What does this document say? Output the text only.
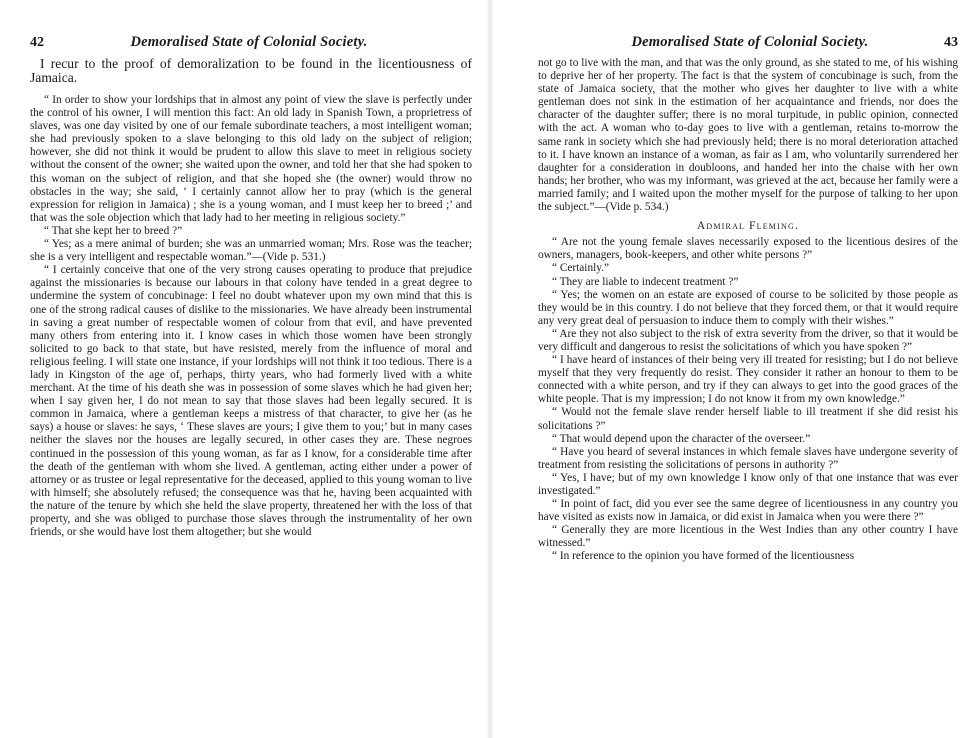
42	Demoralised State of Colonial Society.

I recur to the proof of demoralization to be found in the licentiousness of Jamaica.

“ In order to show your lordships that in almost any point of view the slave is perfectly under the control of his owner, I will mention this fact: An old lady in Spanish Town, a proprietress of slaves, was one day visited by one of our female subordinate teachers, a most intelligent woman; she had previously spoken to a slave belonging to this old lady on the subject of religion; however, she did not think it would be prudent to allow this slave to meet in religious society without the consent of the owner; she waited upon the owner, and told her that she had spoken to this woman on the subject of religion, and that she hoped she (the owner) would throw no obstacles in the way; she said, ‘ I certainly cannot allow her to pray (which is the general expression for religion in Jamaica) ; she is a young woman, and I must keep her to breed ;’ and that was the sole objection which that lady had to her meeting in religious society.”

“ That she kept her to breed ?”

“ Yes; as a mere animal of burden; she was an unmarried woman; Mrs. Rose was the teacher; she is a very intelligent and respectable woman.”—(Vide p. 531.)

“ I certainly conceive that one of the very strong causes operating to produce that prejudice against the missionaries is because our labours in that colony have tended in a great degree to undermine the system of concubinage: I feel no doubt whatever upon my own mind that this is one of the strong radical causes of dislike to the missionaries. We have already been instrumental in saving a great number of respectable women of colour from that evil, and have prevented many others from entering into it. I know cases in which those women have been strongly solicited to go back to that state, but have resisted, merely from the influence of moral and religious feeling. I will state one instance, if your lordships will not think it too tedious. There is a lady in Kingston of the age of, perhaps, thirty years, who had formerly lived with a white merchant. At the time of his death she was in possession of some slaves which he had given her; when I say given her, I do not mean to say that those slaves had been legally secured. It is common in Jamaica, where a gentleman keeps a mistress of that character, to give her (as he says) a house or slaves: he says, ‘ These slaves are yours; I give them to you;’ but in many cases neither the slaves nor the houses are legally secured, in other cases they are. These negroes continued in the possession of this young woman, as far as I know, for a considerable time after the death of the gentleman with whom she lived. A gentleman, acting either under a power of attorney or as trustee or legal representative for the deceased, applied to this young woman to live with himself; she absolutely refused; the consequence was that he, having been acquainted with the nature of the tenure by which she held the slave property, threatened her with the loss of that property, and she was obliged to purchase those slaves through the instrumentality of her own friends, or she would have lost them altogether; but she would

Demoralised State of Colonial Society.	43

not go to live with the man, and that was the only ground, as she stated to me, of his wishing to deprive her of her property. The fact is that the system of concubinage is such, from the state of Jamaica society, that the mother who gives her daughter to live with a white gentleman does not sink in the estimation of her acquaintance and friends, nor does the character of the daughter suffer; there is no moral turpitude, in public opinion, connected with the act. A woman who to-day goes to live with a gentleman, retains to-morrow the same rank in society which she had previously held; there is no moral deterioration attached to it. I have known an instance of a woman, as fair as I am, who voluntarily surrendered her daughter for a consideration in doubloons, and handed her into the chaise with her own hands; her brother, who was my informant, was grieved at the act, because her family were a married family; and I waited upon the mother myself for the purpose of talking to her upon the subject.”—(Vide p. 534.)

Admiral Fleming.

“ Are not the young female slaves necessarily exposed to the licentious desires of the owners, managers, book-keepers, and other white persons ?”

“ Certainly.”

“ They are liable to indecent treatment ?”

“ Yes; the women on an estate are exposed of course to be solicited by those people as they would be in this country. I do not believe that they forced them, or that it would require any very great deal of persuasion to induce them to comply with their wishes.”

“ Are they not also subject to the risk of extra severity from the driver, so that it would be very difficult and dangerous to resist the solicitations of which you have spoken ?”

“ I have heard of instances of their being very ill treated for resisting; but I do not believe myself that they very frequently do resist. They consider it rather an honour to them to be connected with a white person, and try if they can always to get into the good graces of the white people. That is my impression; I do not know it from my own knowledge.”

“ Would not the female slave render herself liable to ill treatment if she did resist his solicitations ?”

“ That would depend upon the character of the overseer.”

“ Have you heard of several instances in which female slaves have undergone severity of treatment from resisting the solicitations of persons in authority ?”

“ Yes, I have; but of my own knowledge I know only of that one instance that was ever investigated.”

“ In point of fact, did you ever see the same degree of licentiousness in any country you have visited as exists now in Jamaica, or did exist in Jamaica when you were there ?”

“ Generally they are more licentious in the West Indies than any other country I have witnessed.”

“ In reference to the opinion you have formed of the licentiousness
